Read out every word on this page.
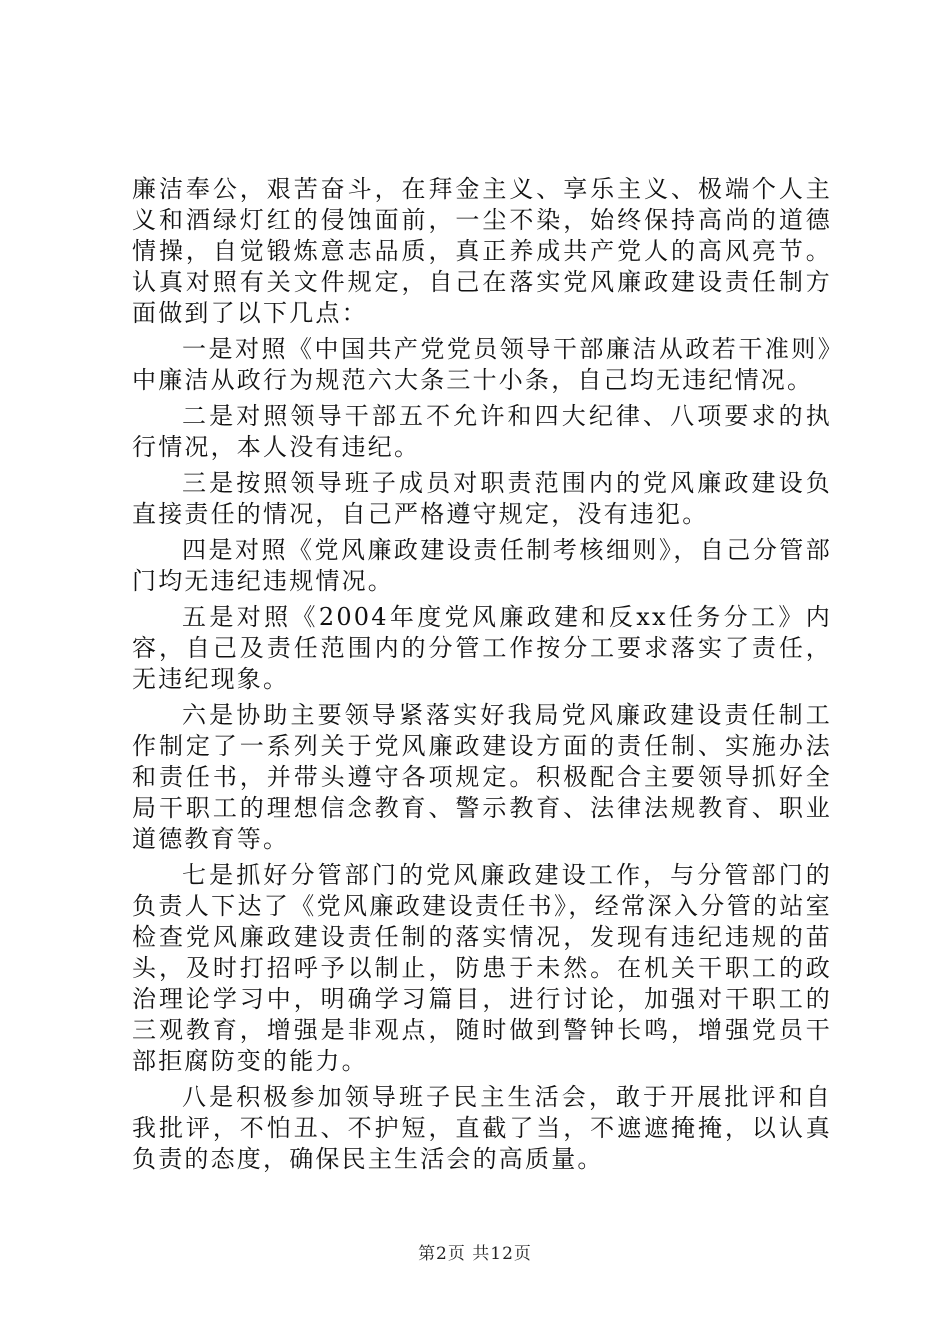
廉洁奉公，艰苦奋斗，在拜金主义、享乐主义、极端个人主义和酒绿灯红的侵蚀面前，一尘不染，始终保持高尚的道德情操，自觉锻炼意志品质，真正养成共产党人的高风亮节。认真对照有关文件规定，自己在落实党风廉政建设责任制方面做到了以下几点：

一是对照《中国共产党党员领导干部廉洁从政若干准则》中廉洁从政行为规范六大条三十小条，自己均无违纪情况。

二是对照领导干部五不允许和四大纪律、八项要求的执行情况，本人没有违纪。

三是按照领导班子成员对职责范围内的党风廉政建设负直接责任的情况，自己严格遵守规定，没有违犯。

四是对照《党风廉政建设责任制考核细则》，自己分管部门均无违纪违规情况。

五是对照《2004年度党风廉政建和反xx任务分工》内容，自己及责任范围内的分管工作按分工要求落实了责任，无违纪现象。

六是协助主要领导紧落实好我局党风廉政建设责任制工作制定了一系列关于党风廉政建设方面的责任制、实施办法和责任书，并带头遵守各项规定。积极配合主要领导抓好全局干职工的理想信念教育、警示教育、法律法规教育、职业道德教育等。

七是抓好分管部门的党风廉政建设工作，与分管部门的负责人下达了《党风廉政建设责任书》，经常深入分管的站室检查党风廉政建设责任制的落实情况，发现有违纪违规的苗头，及时打招呼予以制止，防患于未然。在机关干职工的政治理论学习中，明确学习篇目，进行讨论，加强对干职工的三观教育，增强是非观点，随时做到警钟长鸣，增强党员干部拒腐防变的能力。

八是积极参加领导班子民主生活会，敢于开展批评和自我批评，不怕丑、不护短，直截了当，不遮遮掩掩，以认真负责的态度，确保民主生活会的高质量。

第2页 共12页
